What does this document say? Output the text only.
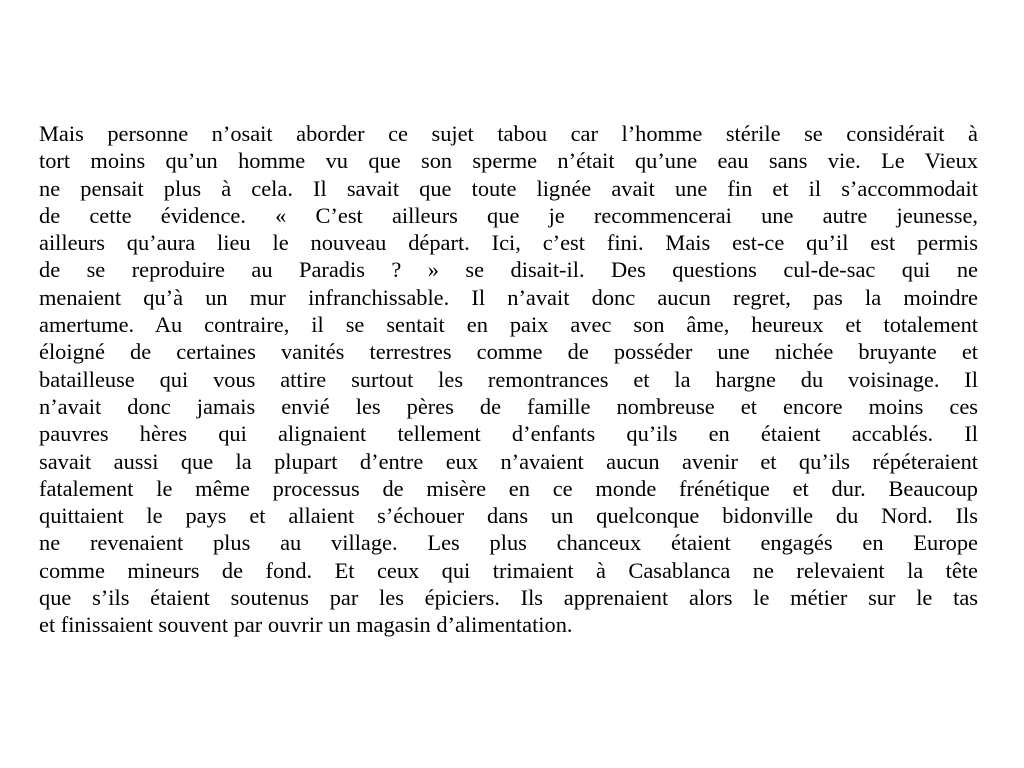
Mais personne n’osait aborder ce sujet tabou car l’homme stérile se considérait à
tort moins qu’un homme vu que son sperme n’était qu’une eau sans vie. Le Vieux
ne pensait plus à cela. Il savait que toute lignée avait une fin et il s’accommodait
de cette évidence. « C’est ailleurs que je recommencerai une autre jeunesse,
ailleurs qu’aura lieu le nouveau départ. Ici, c’est fini. Mais est-ce qu’il est permis
de se reproduire au Paradis ? » se disait-il. Des questions cul-de-sac qui ne
menaient qu’à un mur infranchissable. Il n’avait donc aucun regret, pas la moindre
amertume. Au contraire, il se sentait en paix avec son âme, heureux et totalement
éloigné de certaines vanités terrestres comme de posséder une nichée bruyante et
batailleuse qui vous attire surtout les remontrances et la hargne du voisinage. Il
n’avait donc jamais envié les pères de famille nombreuse et encore moins ces
pauvres hères qui alignaient tellement d’enfants qu’ils en étaient accablés. Il
savait aussi que la plupart d’entre eux n’avaient aucun avenir et qu’ils répéteraient
fatalement le même processus de misère en ce monde frénétique et dur. Beaucoup
quittaient le pays et allaient s’échouer dans un quelconque bidonville du Nord. Ils
ne revenaient plus au village. Les plus chanceux étaient engagés en Europe
comme mineurs de fond. Et ceux qui trimaient à Casablanca ne relevaient la tête
que s’ils étaient soutenus par les épiciers. Ils apprenaient alors le métier sur le tas
et finissaient souvent par ouvrir un magasin d’alimentation.
